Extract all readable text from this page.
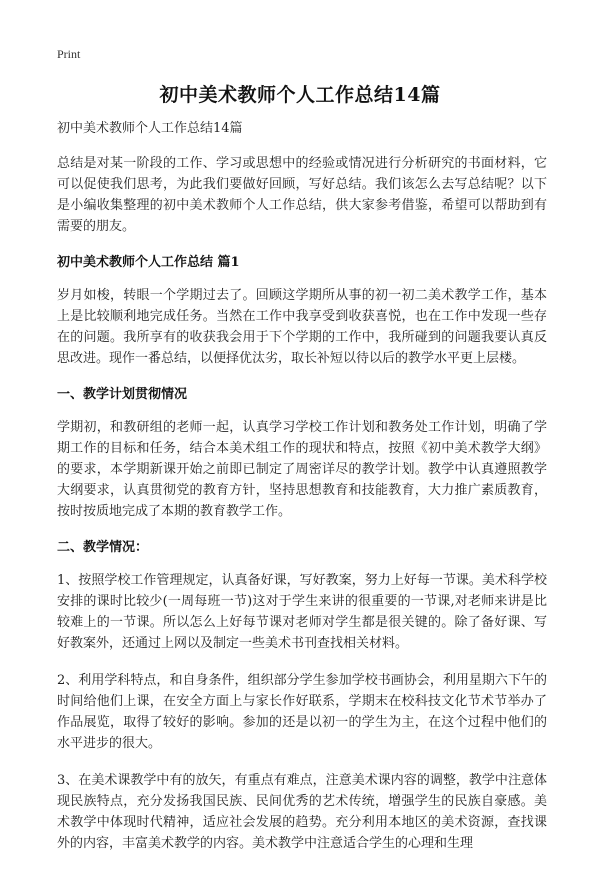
Print
初中美术教师个人工作总结14篇

初中美术教师个人工作总结14篇

总结是对某一阶段的工作、学习或思想中的经验或情况进行分析研究的书面材料，它可以促使我们思考，为此我们要做好回顾，写好总结。我们该怎么去写总结呢？以下是小编收集整理的初中美术教师个人工作总结，供大家参考借鉴，希望可以帮助到有需要的朋友。

初中美术教师个人工作总结 篇1

岁月如梭，转眼一个学期过去了。回顾这学期所从事的初一初二美术教学工作，基本上是比较顺利地完成任务。当然在工作中我享受到收获喜悦，也在工作中发现一些存在的问题。我所享有的收获我会用于下个学期的工作中，我所碰到的问题我要认真反思改进。现作一番总结，以便择优汰劣，取长补短以待以后的教学水平更上层楼。

一、教学计划贯彻情况

学期初，和教研组的老师一起，认真学习学校工作计划和教务处工作计划，明确了学期工作的目标和任务，结合本美术组工作的现状和特点，按照《初中美术教学大纲》的要求，本学期新课开始之前即已制定了周密详尽的教学计划。教学中认真遵照教学大纲要求，认真贯彻党的教育方针，坚持思想教育和技能教育，大力推广素质教育，按时按质地完成了本期的教育教学工作。

二、教学情况：

1、按照学校工作管理规定，认真备好课，写好教案，努力上好每一节课。美术科学校安排的课时比较少(一周每班一节)这对于学生来讲的很重要的一节课,对老师来讲是比较难上的一节课。所以怎么上好每节课对老师对学生都是很关键的。除了备好课、写好教案外，还通过上网以及制定一些美术书刊查找相关材料。

2、利用学科特点，和自身条件，组织部分学生参加学校书画协会，利用星期六下午的时间给他们上课，在安全方面上与家长作好联系，学期末在校科技文化节术节举办了作品展览，取得了较好的影响。参加的还是以初一的学生为主，在这个过程中他们的水平进步的很大。

3、在美术课教学中有的放矢，有重点有难点，注意美术课内容的调整，教学中注意体现民族特点，充分发扬我国民族、民间优秀的艺术传统，增强学生的民族自豪感。美术教学中体现时代精神，适应社会发展的趋势。充分利用本地区的美术资源，查找课外的内容，丰富美术教学的内容。美术教学中注意适合学生的心理和生理
